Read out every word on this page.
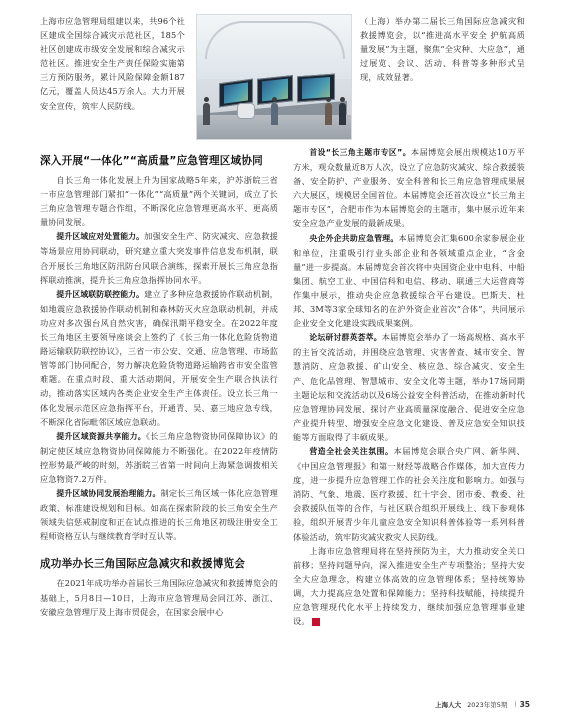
上海市应急管理局组建以来，共96个社区建成全国综合减灾示范社区，185个社区创建成市级安全发展和综合减灾示范社区。推进安全生产责任保险实施第三方预防服务，累计风险保障金额187亿元，覆盖人员达45万余人。大力开展安全宣传，筑牢人民防线。

（上海）举办第二届长三角国际应急减灾和救援博览会，以“推进高水平安全 护航高质量发展”为主题，聚焦“全灾种、大应急”，通过展览、会议、活动、科普等多种形式呈现，成效显著。

深入开展“一体化”“高质量”应急管理区域协同

自长三角一体化发展上升为国家战略5年来，沪苏浙皖三省一市应急管理部门紧扣“一体化”“高质量”两个关键词，成立了长三角应急管理专题合作组，不断深化应急管理更高水平、更高质量协同发展。

提升区域应对处置能力。加强安全生产、防灾减灾、应急救援等场景应用协同联动，研究建立重大突发事件信息发布机制，联合开展长三角地区防汛防台风联合演练，探索开展长三角应急指挥联动推演，提升长三角应急指挥协同水平。

提升区域联防联控能力。建立了多种应急救援协作联动机制，如地震应急救援协作联动机制和森林防灭火应急联动机制，并成功应对多次强台风自然灾害，确保汛期平稳安全。在2022年度长三角地区主要领导座谈会上签约了《长三角一体化危险货物道路运输联防联控协议》，三省一市公安、交通、应急管理、市场监管等部门协同配合，努力解决危险货物道路运输跨省市安全监管难题。在重点时段、重大活动期间，开展安全生产联合执法行动，推动落实区域内各类企业安全生产主体责任。设立长三角一体化发展示范区应急指挥平台，开通青、吴、嘉三地应急专线，不断深化省际毗邻区域应急联动。

提升区域资源共享能力。《长三角应急物资协同保障协议》的制定使区域应急物资协同保障能力不断强化。在2022年疫情防控形势最严峻的时刻，苏浙皖三省第一时间向上海紧急调拨相关应急物资7.2万件。

提升区域协同发展治理能力。制定长三角区域一体化应急管理政策、标准建设规划和目标。如高在探索阶段的长三角安全生产领域失信惩戒制度和正在试点推进的长三角地区初级注册安全工程师资格互认与继续教育学时互认等。

成功举办长三角国际应急减灾和救援博览会

在2021年成功举办首届长三角国际应急减灾和救援博览会的基础上，5月8日—10日，上海市应急管理局会同江苏、浙江、安徽应急管理厅及上海市贸促会，在国家会展中心

首设“长三角主题市专区”。本届博览会展出规模达10万平方米，观众数量近8万人次，设立了应急防灾减灾、综合救援装备、安全防护、产业服务、安全科普和长三角应急管理成果展六大展区，规模居全国首位。本届博览会还首次设立“长三角主题市专区”，合肥市作为本届博览会的主题市，集中展示近年来安全应急产业发展的最新成果。

央企外企共助应急管理。本届博览会汇集600余家参展企业和单位，注重吸引行业头部企业和各领域重点企业，“含金量”进一步提高。本届博览会首次将中央国资企业中电科、中船集团、航空工业、中国信科和电信、移动、联通三大运营商等作集中展示，推动央企应急救援综合平台建设。巴斯夫、杜邦、3M等3家全球知名的在沪外资企业首次“合体”，共同展示企业安全文化建设实践成果案例。

论坛研讨群英荟萃。本届博览会举办了一场高规格、高水平的主旨交流活动，并围绕应急管理、灾害普查、城市安全、智慧消防、应急救援、矿山安全、核应急、综合减灾、安全生产、危化品管理、智慧城市、安全文化等主题，举办17场同期主题论坛和交流活动以及6场公益安全科普活动，在推动新时代应急管理协同发展、探讨产业高质量深度融合、促进安全应急产业提升转型、增强安全应急文化建设、普及应急安全知识技能等方面取得了丰硕成果。

营造全社会关注氛围。本届博览会联合央广网、新华网、《中国应急管理报》和第一财经等战略合作媒体，加大宣传力度，进一步提升应急管理工作的社会关注度和影响力。如强与消防、气象、地震、医疗救援、红十字会、团市委、教委、社会救援队伍等的合作，与社区联合组织开展线上、线下参观体验，组织开展青少年儿童应急安全知识科普体验等一系列科普体验活动，筑牢防灾减灾救灾人民防线。

上海市应急管理局将在坚持预防为主，大力推动安全关口前移；坚持问题导向，深入推进安全生产专项整治；坚持大安全大应急理念，构建立体高效的应急管理体系；坚持统筹协调，大力提高应急处置和保障能力；坚持科技赋能，持续提升应急管理现代化水平上持续发力，继续加强应急管理事业建设。	A

上海人大 2023年第5期 | 35
